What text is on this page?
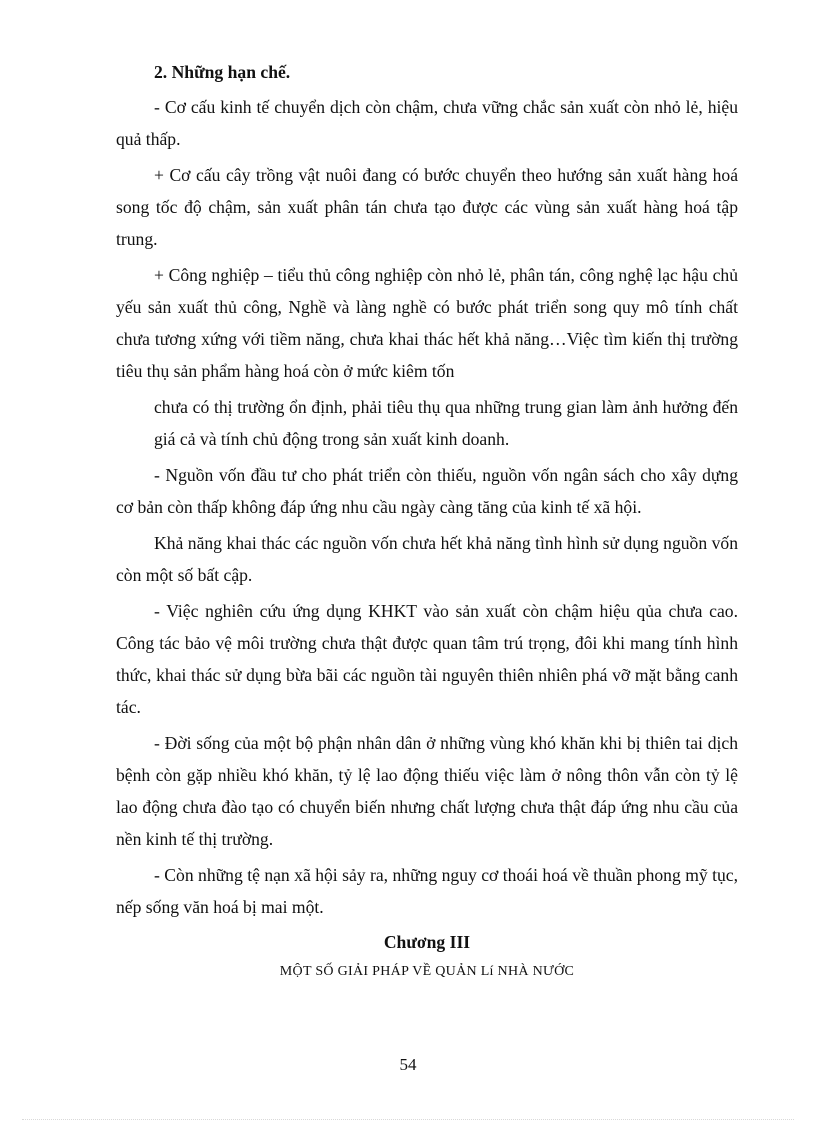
2. Những hạn chế.

- Cơ cấu kinh tế chuyển dịch còn chậm, chưa vững chắc sản xuất còn nhỏ lẻ, hiệu quả thấp.

+ Cơ cấu cây trồng vật nuôi đang có bước chuyển theo hướng sản xuất hàng hoá song tốc độ chậm, sản xuất phân tán chưa tạo được các vùng sản xuất hàng hoá tập trung.

+ Công nghiệp – tiểu thủ công nghiệp còn nhỏ lẻ, phân tán, công nghệ lạc hậu chủ yếu sản xuất thủ công, Nghề và làng nghề có bước phát triển song quy mô tính chất chưa tương xứng với tiềm năng, chưa khai thác hết khả năng…Việc tìm kiến thị trường tiêu thụ sản phẩm hàng hoá còn ở mức kiêm tốn

chưa có thị trường ổn định, phải tiêu thụ qua những trung gian làm ảnh hưởng đến giá cả và tính chủ động trong sản xuất kinh doanh.

- Nguồn vốn đầu tư cho phát triển còn thiếu, nguồn vốn ngân sách cho xây dựng cơ bản còn thấp không đáp ứng nhu cầu ngày càng tăng của kinh tế xã hội.

Khả năng khai thác các nguồn vốn chưa hết khả năng tình hình sử dụng nguồn vốn còn một số bất cập.

- Việc nghiên cứu ứng dụng KHKT vào sản xuất còn chậm hiệu qủa chưa cao. Công tác bảo vệ môi trường chưa thật được quan tâm trú trọng, đôi khi mang tính hình thức, khai thác sử dụng bừa bãi các nguồn tài nguyên thiên nhiên phá vỡ mặt bằng canh tác.

- Đời sống của một bộ phận nhân dân ở những vùng khó khăn khi bị thiên tai dịch bệnh còn gặp nhiều khó khăn, tỷ lệ lao động thiếu việc làm ở nông thôn vẫn còn tỷ lệ lao động chưa đào tạo có chuyển biến nhưng chất lượng chưa thật đáp ứng nhu cầu của nền kinh tế thị trường.

- Còn những tệ nạn xã hội sảy ra, những nguy cơ thoái hoá về thuần phong mỹ tục, nếp sống văn hoá bị mai một.

Chương III

MỘT SỐ GIẢI PHÁP VỀ QUẢN Lí NHÀ NƯỚC

54
